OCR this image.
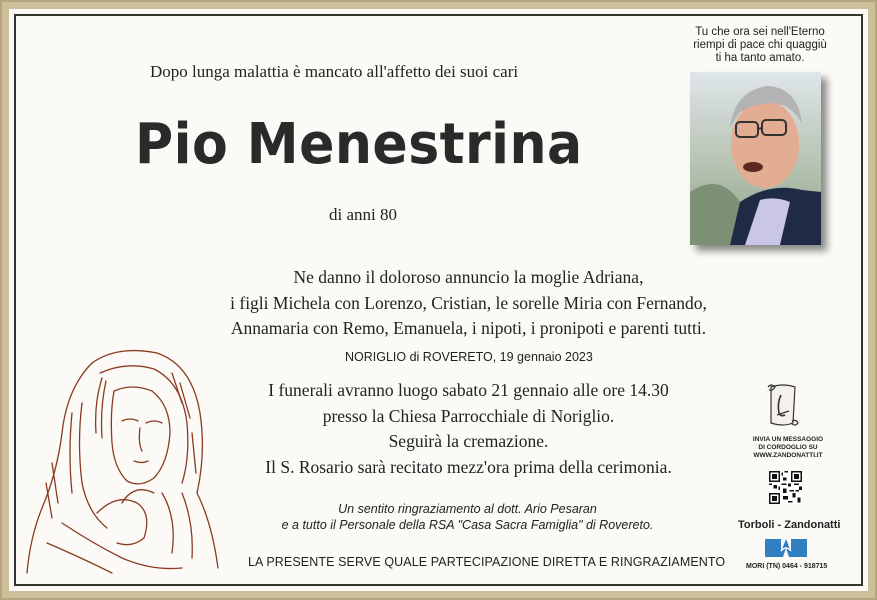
Tu che ora sei nell'Eterno
riempi di pace chi quaggiù
ti ha tanto amato.
Dopo lunga malattia è mancato all'affetto dei suoi cari
Pio Menestrina
di anni 80
Ne danno il doloroso annuncio la moglie Adriana,
i figli Michela con Lorenzo, Cristian, le sorelle Miria con Fernando,
Annamaria con Remo, Emanuela, i nipoti, i pronipoti e parenti tutti.
NORIGLIO di ROVERETO, 19 gennaio 2023
I funerali avranno luogo sabato 21 gennaio alle ore 14.30
presso la Chiesa Parrocchiale di Noriglio.
Seguirà la cremazione.
Il S. Rosario sarà recitato mezz'ora prima della cerimonia.
Un sentito ringraziamento al dott. Ario Pesaran
e a tutto il Personale della RSA "Casa Sacra Famiglia" di Rovereto.
LA PRESENTE SERVE QUALE PARTECIPAZIONE DIRETTA E RINGRAZIAMENTO
INVIA UN MESSAGGIO
DI CORDOGLIO SU
WWW.ZANDONATTI.IT
Torboli - Zandonatti
MORI (TN) 0464 - 918715
